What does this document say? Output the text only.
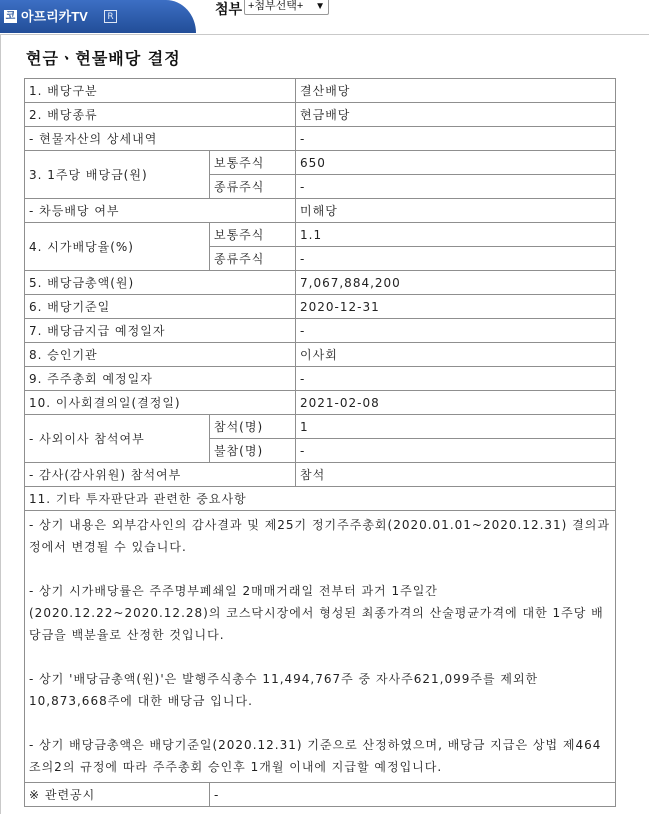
코 아프리카TV	R	첨부 +첨부선택+ ▼
현금ㆍ현물배당 결정
1. 배당구분		결산배당
2. 배당종류		현금배당
- 현물자산의 상세내역		-
3. 1주당 배당금(원)	보통주식	650
	종류주식	-
- 차등배당 여부		미해당
4. 시가배당율(%)	보통주식	1.1
	종류주식	-
5. 배당금총액(원)		7,067,884,200
6. 배당기준일		2020-12-31
7. 배당금지급 예정일자		-
8. 승인기관		이사회
9. 주주총회 예정일자		-
10. 이사회결의일(결정일)		2021-02-08
- 사외이사 참석여부	참석(명)	1
	불참(명)	-
- 감사(감사위원) 참석여부		참석
11. 기타 투자판단과 관련한 중요사항		

- 상기 내용은 외부감사인의 감사결과 및 제25기 정기주주총회(2020.01.01~2020.12.31) 결의과정에서 변경될 수 있습니다.

- 상기 시가배당률은 주주명부폐쇄일 2매매거래일 전부터 과거 1주일간 (2020.12.22~2020.12.28)의 코스닥시장에서 형성된 최종가격의 산술평균가격에 대한 1주당 배당금을 백분율로 산정한 것입니다.

- 상기 '배당금총액(원)'은 발행주식총수 11,494,767주 중 자사주621,099주를 제외한 10,873,668주에 대한 배당금 입니다.

- 상기 배당금총액은 배당기준일(2020.12.31) 기준으로 산정하였으며, 배당금 지급은 상법 제464조의2의 규정에 따라 주주총회 승인후 1개월 이내에 지급할 예정입니다.		

※ 관련공시	-	
